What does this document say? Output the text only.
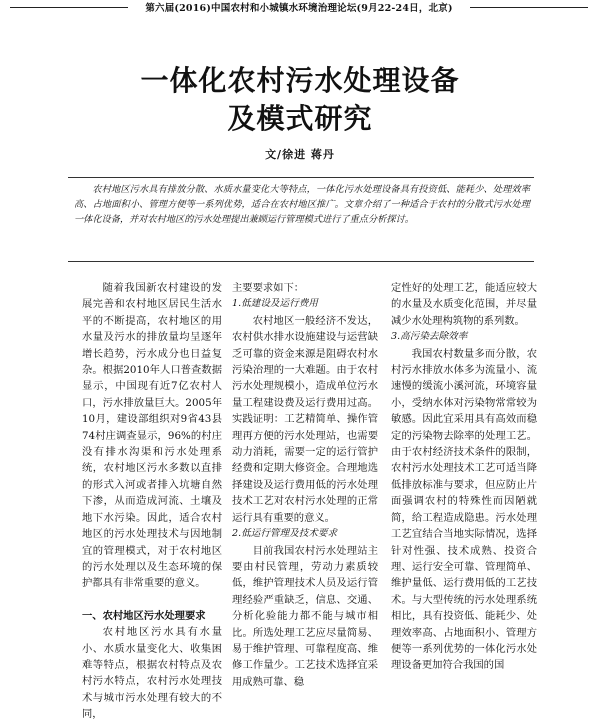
第六届(2016)中国农村和小城镇水环境治理论坛(9月22-24日，北京)
一体化农村污水处理设备
及模式研究
文/徐进 蒋丹
农村地区污水具有排放分散、水质水量变化大等特点，一体化污水处理设备具有投资低、能耗少、处理效率高、占地面积小、管理方便等一系列优势，适合在农村地区推广。文章介绍了一种适合于农村的分散式污水处理一体化设备，并对农村地区的污水处理提出兼顾运行管理模式进行了重点分析探讨。

随着我国新农村建设的发展完善和农村地区居民生活水平的不断提高，农村地区的用水量及污水的排放量均呈逐年增长趋势，污水成分也日益复杂。根据2010年人口普查数据显示，中国现有近7亿农村人口，污水排放量巨大。2005年10月，建设部组织对9省43县74村庄调查显示，96%的村庄没有排水沟渠和污水处理系统，农村地区污水多数以直排的形式入河或者排入坑塘自然下渗，从而造成河流、土壤及地下水污染。因此，适合农村地区的污水处理技术与因地制宜的管理模式，对于农村地区的污水处理以及生态环境的保护都具有非常重要的意义。

一、农村地区污水处理要求

农村地区污水具有水量小、水质水量变化大、收集困难等特点，根据农村特点及农村污水特点，农村污水处理技术与城市污水处理有较大的不同，

主要要求如下：
1.低建设及运行费用

农村地区一般经济不发达，农村供水排水设施建设与运营缺乏可靠的资金来源是阻碍农村水污染治理的一大难题。由于农村污水处理规模小，造成单位污水量工程建设费及运行费用过高。实践证明：工艺精简单、操作管理再方便的污水处理站，也需要动力消耗，需要一定的运行管护经费和定期大修资金。合理地选择建设及运行费用低的污水处理技术工艺对农村污水处理的正常运行具有重要的意义。

2.低运行管理及技术要求

目前我国农村污水处理站主要由村民管理，劳动力素质较低，维护管理技术人员及运行管理经验严重缺乏，信息、交通、分析化验能力都不能与城市相比。所选处理工艺应尽量简易、易于维护管理、可靠程度高、维修工作量少。工艺技术选择宜采用成熟可靠、稳

定性好的处理工艺，能适应较大的水量及水质变化范围，并尽量减少水处理构筑物的系列数。
3.高污染去除效率

我国农村数量多而分散，农村污水排放水体多为流量小、流速慢的缓流小溪河流，环境容量小，受纳水体对污染物常常较为敏感。因此宜采用具有高效而稳定的污染物去除率的处理工艺。由于农村经济技术条件的限制，农村污水处理技术工艺可适当降低排放标准与要求，但应防止片面强调农村的特殊性而因陋就简，给工程造成隐患。污水处理工艺宜结合当地实际情况，选择针对性强、技术成熟、投资合理、运行安全可靠、管理简单、维护量低、运行费用低的工艺技术。与大型传统的污水处理系统相比，具有投资低、能耗少、处理效率高、占地面积小、管理方便等一系列优势的一体化污水处理设备更加符合我国的国
